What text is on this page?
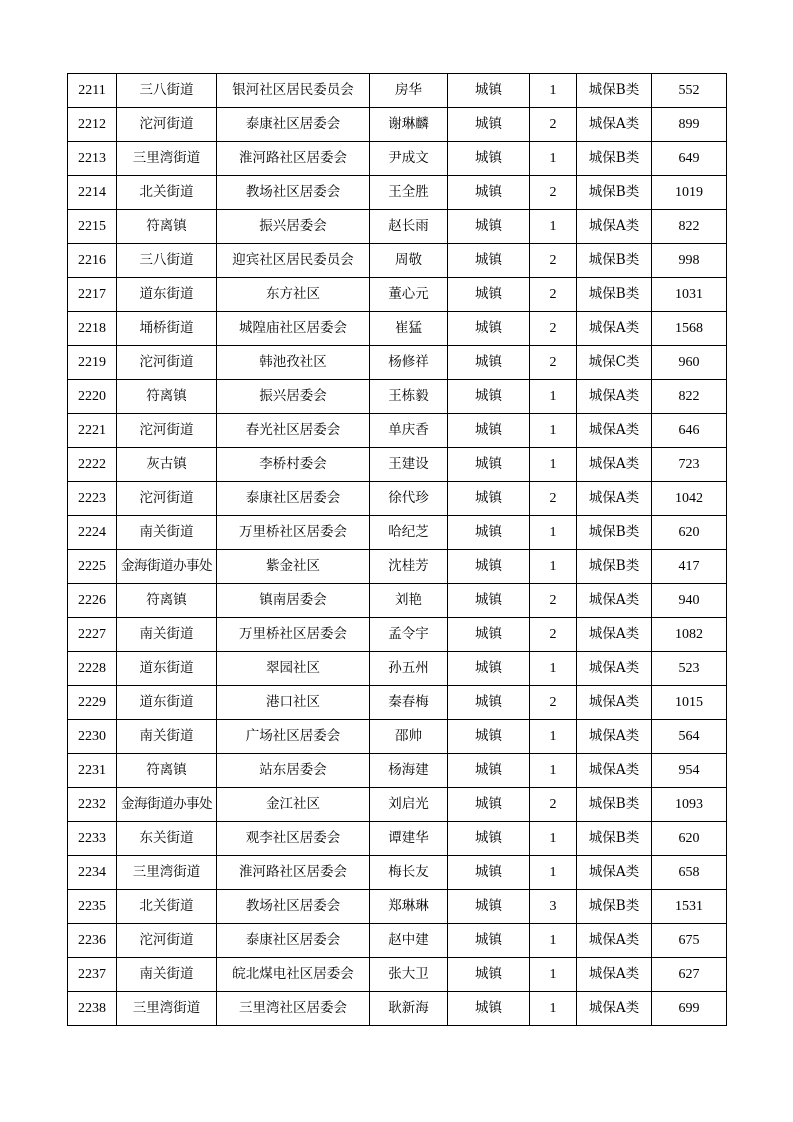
2211	三八街道	银河社区居民委员会	房华	城镇	1	城保B类	552
2212	沱河街道	泰康社区居委会	谢琳麟	城镇	2	城保A类	899
2213	三里湾街道	淮河路社区居委会	尹成文	城镇	1	城保B类	649
2214	北关街道	教场社区居委会	王全胜	城镇	2	城保B类	1019
2215	符离镇	振兴居委会	赵长雨	城镇	1	城保A类	822
2216	三八街道	迎宾社区居民委员会	周敬	城镇	2	城保B类	998
2217	道东街道	东方社区	董心元	城镇	2	城保B类	1031
2218	埇桥街道	城隍庙社区居委会	崔猛	城镇	2	城保A类	1568
2219	沱河街道	韩池孜社区	杨修祥	城镇	2	城保C类	960
2220	符离镇	振兴居委会	王栋毅	城镇	1	城保A类	822
2221	沱河街道	春光社区居委会	单庆香	城镇	1	城保A类	646
2222	灰古镇	李桥村委会	王建设	城镇	1	城保A类	723
2223	沱河街道	泰康社区居委会	徐代珍	城镇	2	城保A类	1042
2224	南关街道	万里桥社区居委会	哈纪芝	城镇	1	城保B类	620
2225	金海街道办事处	紫金社区	沈桂芳	城镇	1	城保B类	417
2226	符离镇	镇南居委会	刘艳	城镇	2	城保A类	940
2227	南关街道	万里桥社区居委会	孟令宇	城镇	2	城保A类	1082
2228	道东街道	翠园社区	孙五州	城镇	1	城保A类	523
2229	道东街道	港口社区	秦春梅	城镇	2	城保A类	1015
2230	南关街道	广场社区居委会	邵帅	城镇	1	城保A类	564
2231	符离镇	站东居委会	杨海建	城镇	1	城保A类	954
2232	金海街道办事处	金江社区	刘启光	城镇	2	城保B类	1093
2233	东关街道	观李社区居委会	谭建华	城镇	1	城保B类	620
2234	三里湾街道	淮河路社区居委会	梅长友	城镇	1	城保A类	658
2235	北关街道	教场社区居委会	郑琳琳	城镇	3	城保B类	1531
2236	沱河街道	泰康社区居委会	赵中建	城镇	1	城保A类	675
2237	南关街道	皖北煤电社区居委会	张大卫	城镇	1	城保A类	627
2238	三里湾街道	三里湾社区居委会	耿新海	城镇	1	城保A类	699
